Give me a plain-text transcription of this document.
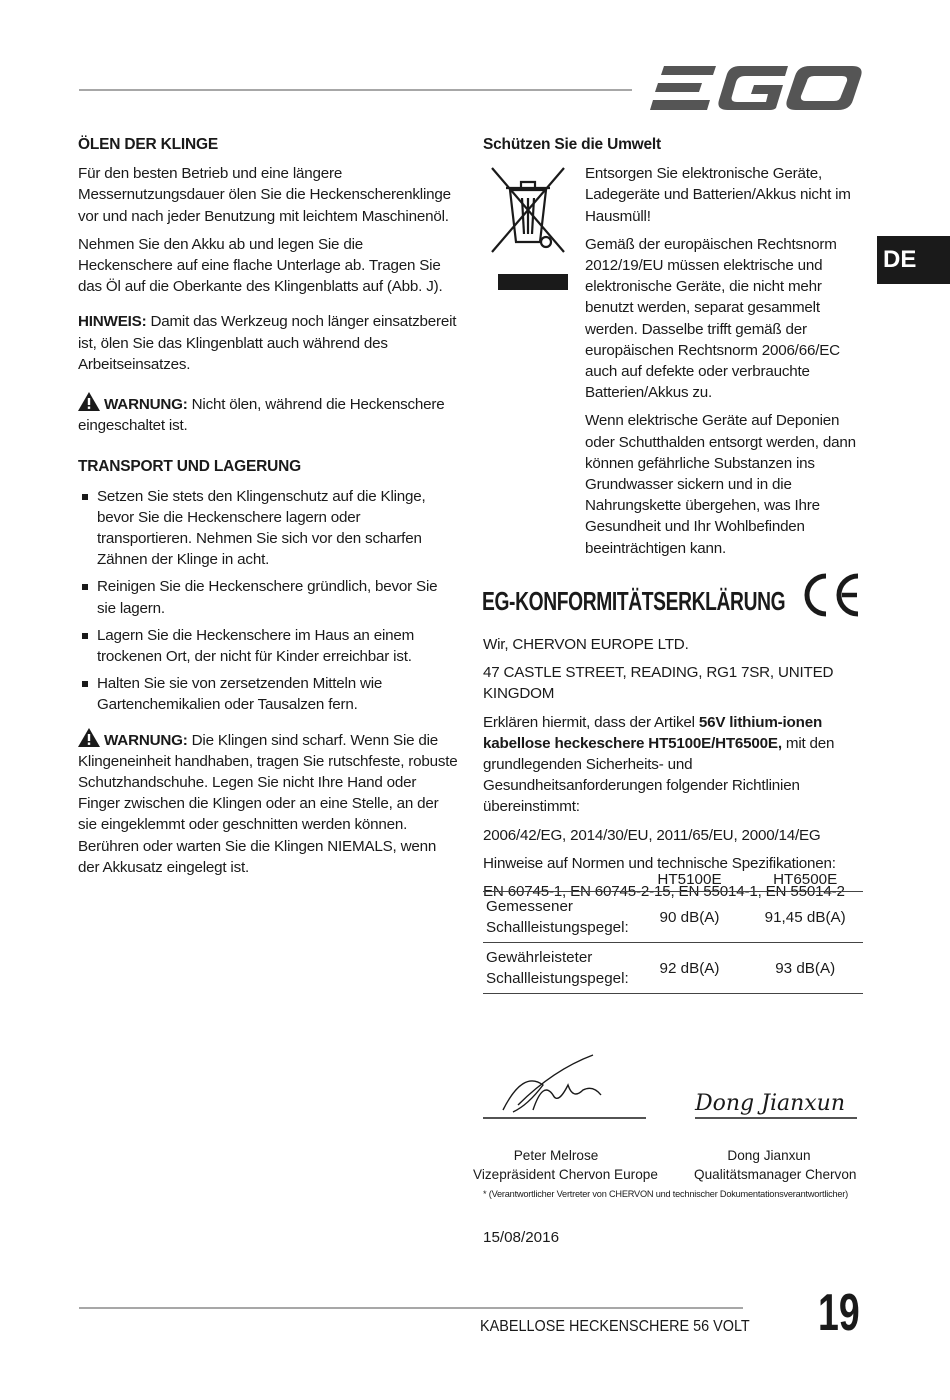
DE
ÖLEN DER KLINGE

Für den besten Betrieb und eine längere Messernutzungsdauer ölen Sie die Heckenscherenklinge vor und nach jeder Benutzung mit leichtem Maschinenöl.

Nehmen Sie den Akku ab und legen Sie die Heckenschere auf eine flache Unterlage ab. Tragen Sie das Öl auf die Oberkante des Klingenblatts auf (Abb. J).

HINWEIS: Damit das Werkzeug noch länger einsatzbereit ist, ölen Sie das Klingenblatt auch während des Arbeitseinsatzes.

WARNUNG: Nicht ölen, während die Heckenschere eingeschaltet ist.

TRANSPORT UND LAGERUNG
Setzen Sie stets den Klingenschutz auf die Klinge, bevor Sie die Heckenschere lagern oder transportieren. Nehmen Sie sich vor den scharfen Zähnen der Klinge in acht.
Reinigen Sie die Heckenschere gründlich, bevor Sie sie lagern.
Lagern Sie die Heckenschere im Haus an einem trockenen Ort, der nicht für Kinder erreichbar ist.
Halten Sie sie von zersetzenden Mitteln wie Gartenchemikalien oder Tausalzen fern.

WARNUNG: Die Klingen sind scharf. Wenn Sie die Klingeneinheit handhaben, tragen Sie rutschfeste, robuste Schutzhandschuhe. Legen Sie nicht Ihre Hand oder Finger zwischen die Klingen oder an eine Stelle, an der sie eingeklemmt oder geschnitten werden können. Berühren oder warten Sie die Klingen NIEMALS, wenn der Akkusatz eingelegt ist.

Schützen Sie die Umwelt

Entsorgen Sie elektronische Geräte, Ladegeräte und Batterien/Akkus nicht im Hausmüll!

Gemäß der europäischen Rechtsnorm 2012/19/EU müssen elektrische und elektronische Geräte, die nicht mehr benutzt werden, separat gesammelt werden. Dasselbe trifft gemäß der europäischen Rechtsnorm 2006/66/EC auch auf defekte oder verbrauchte Batterien/Akkus zu.

Wenn elektrische Geräte auf Deponien oder Schutthalden entsorgt werden, dann können gefährliche Substanzen ins Grundwasser sickern und in die Nahrungskette übergehen, was Ihre Gesundheit und Ihr Wohlbefinden beeinträchtigen kann.

EG-KONFORMITÄTSERKLÄRUNG

Wir, CHERVON EUROPE LTD.

47 CASTLE STREET, READING, RG1 7SR, UNITED KINGDOM

Erklären hiermit, dass der Artikel 56V lithium-ionen kabellose heckeschere HT5100E/HT6500E, mit den grundlegenden Sicherheits- und Gesundheitsanforderungen folgender Richtlinien übereinstimmt:

2006/42/EG, 2014/30/EU, 2011/65/EU, 2000/14/EG

Hinweise auf Normen und technische Spezifikationen:

EN 60745-1, EN 60745-2-15, EN 55014-1, EN 55014-2

	HT5100E	HT6500E
Gemessener Schallleistungspegel:	90 dB(A)	91,45 dB(A)
Gewährleisteter Schallleistungspegel:	92 dB(A)	93 dB(A)
Dong Jianxun
Peter Melrose
Vizepräsident Chervon Europe
Dong Jianxun
Qualitätsmanager Chervon
* (Verantwortlicher Vertreter von CHERVON und technischer Dokumentationsverantwortlicher)
15/08/2016
KABELLOSE HECKENSCHERE 56 VOLT 19
